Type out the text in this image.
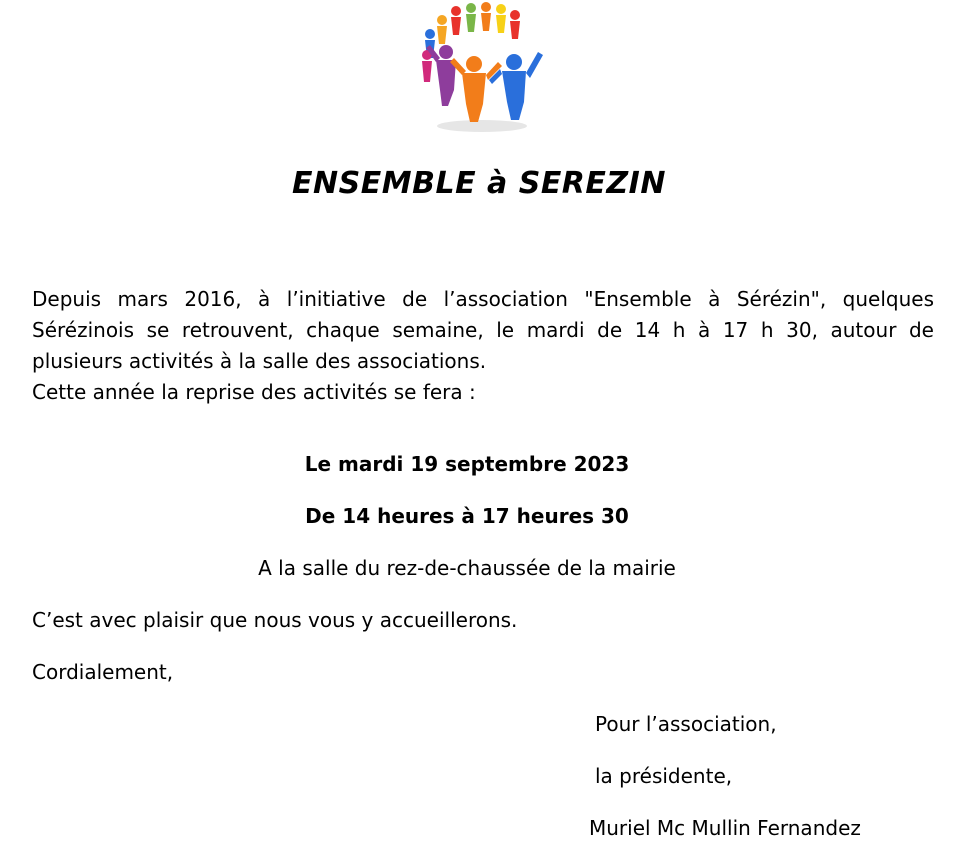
ENSEMBLE à SEREZIN

Depuis mars 2016, à l’initiative de l’association "Ensemble à Sérézin", quelques Sérézinois se retrouvent, chaque semaine, le mardi de 14 h à 17 h 30, autour de plusieurs activités à la salle des associations.

Cette année la reprise des activités se fera :

Le mardi 19 septembre 2023

De 14 heures à 17 heures 30

A la salle du rez-de-chaussée de la mairie

C’est avec plaisir que nous vous y accueillerons.

Cordialement,

Pour l’association,

la présidente,

Muriel Mc Mullin Fernandez
